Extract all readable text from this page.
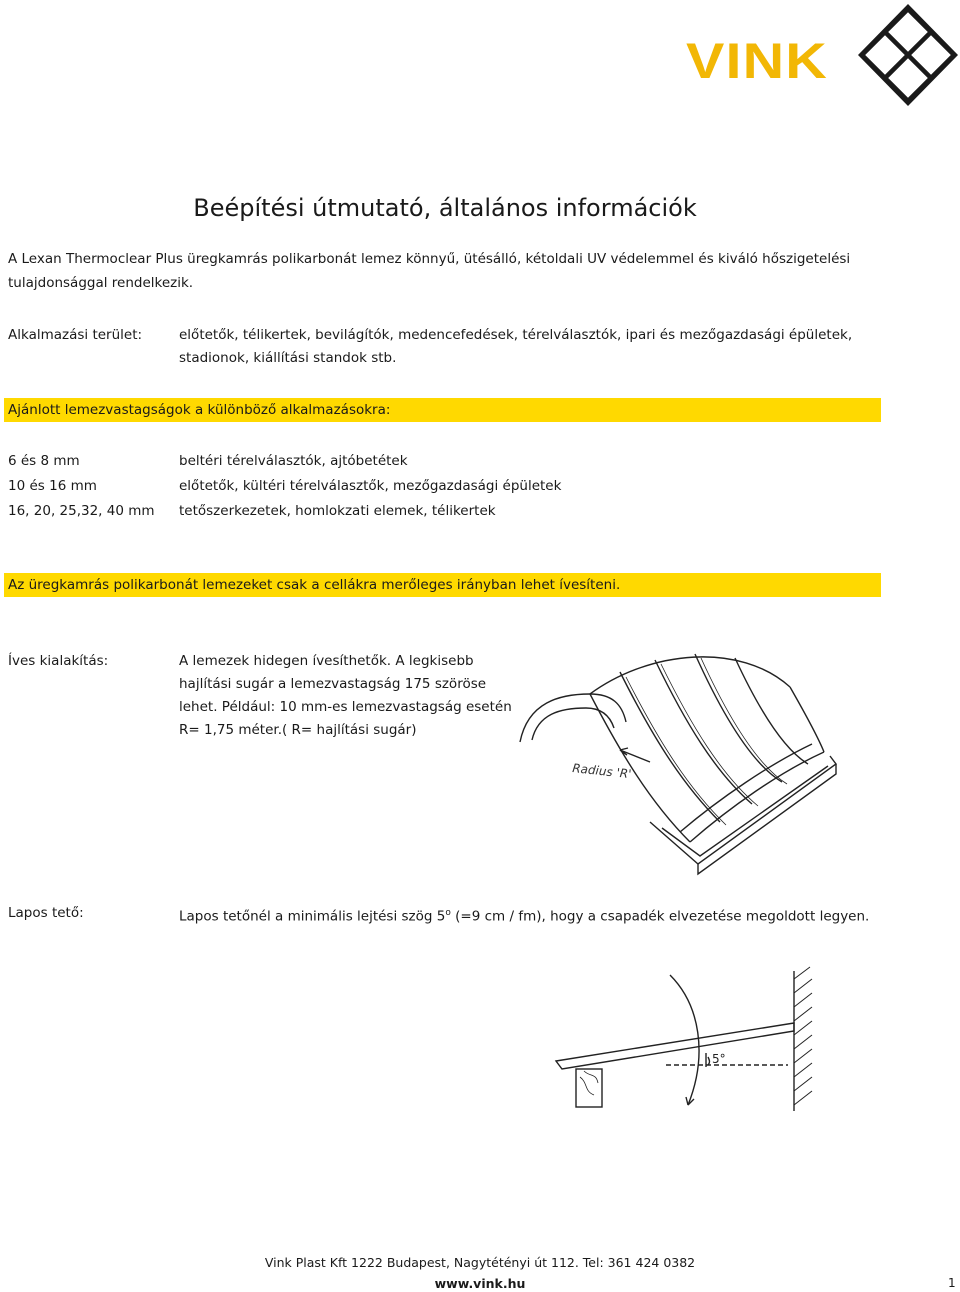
VINK
Beépítési útmutató, általános információk
A Lexan Thermoclear Plus üregkamrás polikarbonát lemez könnyű, ütésálló, kétoldali UV védelemmel és kiváló hőszigetelési
tulajdonsággal rendelkezik.
Alkalmazási terület:	előtetők, télikertek, bevilágítók, medencefedések, térelválasztók, ipari és mezőgazdasági épületek,
stadionok, kiállítási standok stb.
Ajánlott lemezvastagságok a különböző alkalmazásokra:
6 és 8 mm	beltéri térelválasztók, ajtóbetétek
10 és 16 mm	előtetők, kültéri térelválasztők, mezőgazdasági épületek
16, 20, 25,32, 40 mm tetőszerkezetek, homlokzati elemek, télikertek
Az üregkamrás polikarbonát lemezeket csak a cellákra merőleges irányban lehet ívesíteni.
Íves kialakítás:	A lemezek hidegen ívesíthetők. A legkisebb
hajlítási sugár a lemezvastagság 175 szöröse
lehet. Például: 10 mm-es lemezvastagság esetén
R= 1,75 méter.( R= hajlítási sugár)
Radius 'R'
Lapos tető:	Lapos tetőnél a minimális lejtési szög 5$^o$ (=9 cm / fm), hogy a csapadék elvezetése megoldott legyen.
5°
Vink Plast Kft 1222 Budapest, Nagytétényi út 112. Tel: 361 424 0382
www.vink.hu	1
